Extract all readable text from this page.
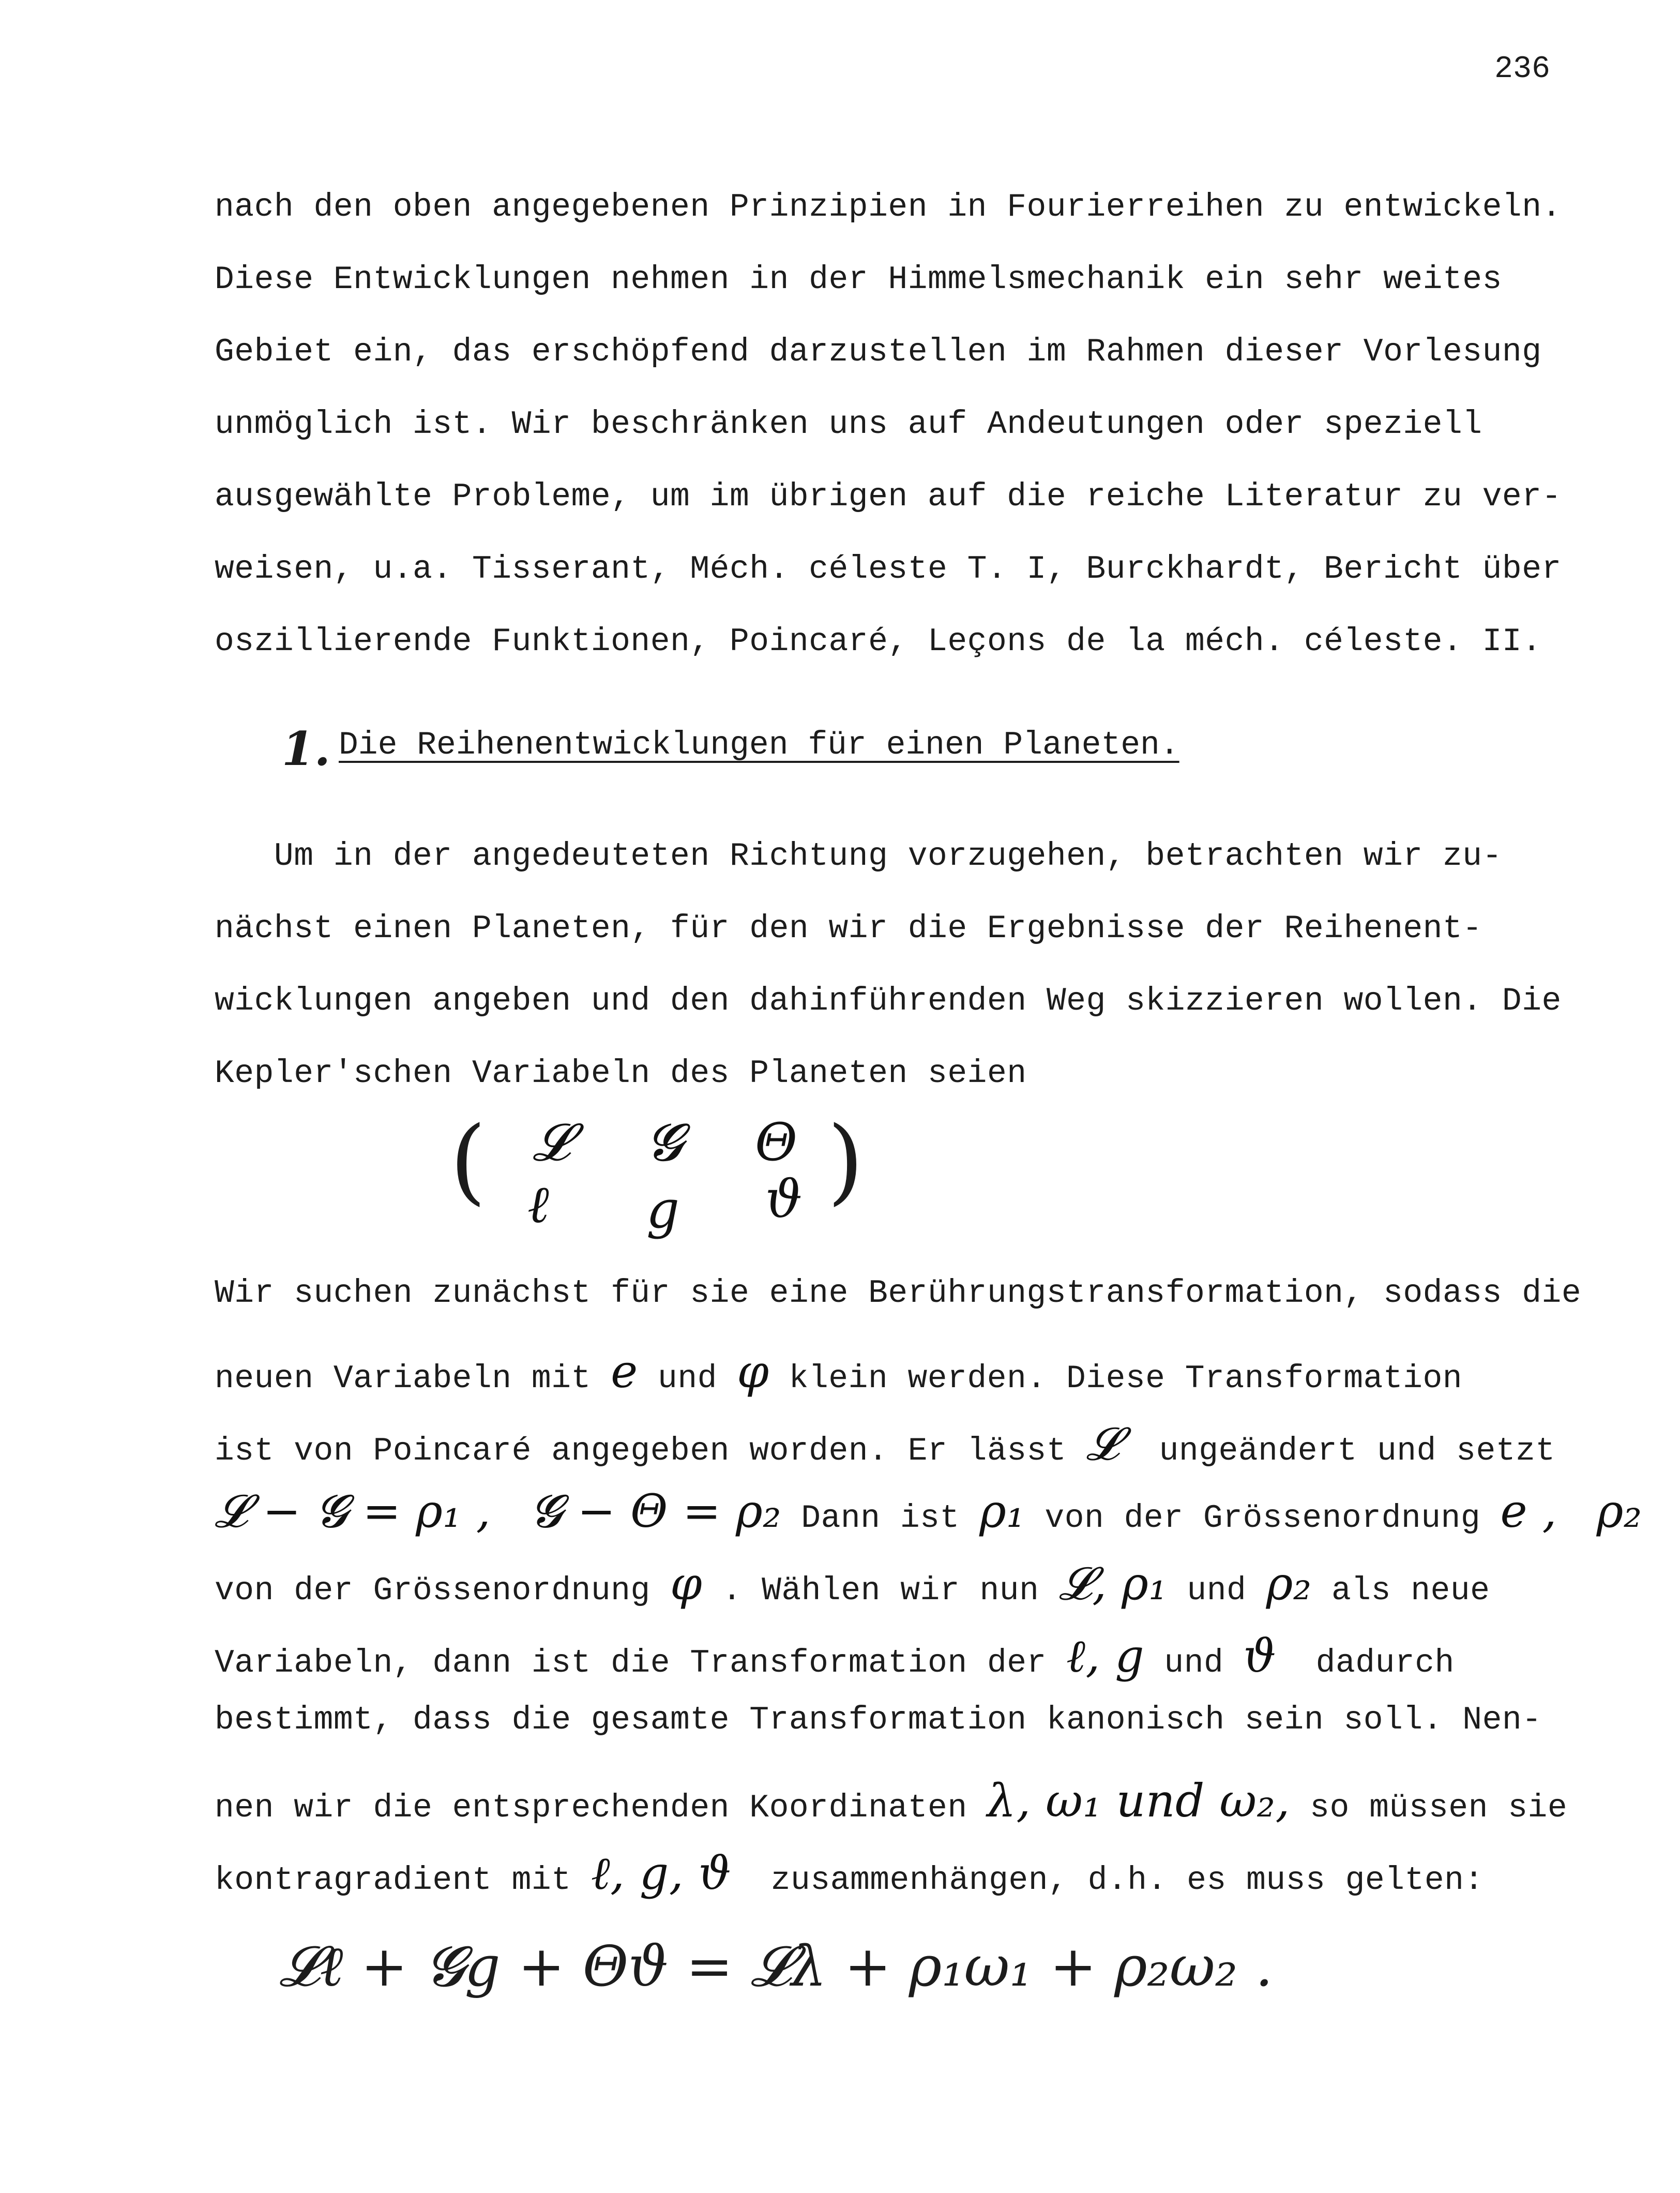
236
nach den oben angegebenen Prinzipien in Fourierreihen zu entwickeln.
Diese Entwicklungen nehmen in der Himmelsmechanik ein sehr weites
Gebiet ein, das erschöpfend darzustellen im Rahmen dieser Vorlesung
unmöglich ist. Wir beschränken uns auf Andeutungen oder speziell
ausgewählte Probleme, um im übrigen auf die reiche Literatur zu ver-
weisen, u.a. Tisserant, Méch. céleste T. I, Burckhardt, Bericht über
oszillierende Funktionen, Poincaré, Leçons de la méch. céleste. II.
1. Die Reihenentwicklungen für einen Planeten.
Um in der angedeuteten Richtung vorzugehen, betrachten wir zu-
nächst einen Planeten, für den wir die Ergebnisse der Reihenent-
wicklungen angeben und den dahinführenden Weg skizzieren wollen. Die
Kepler'schen Variabeln des Planeten seien
( 𝓛 𝓖 Θ
ℓ g ϑ )
Wir suchen zunächst für sie eine Berührungstransformation, sodass die
neuen Variabeln mit e und φ klein werden. Diese Transformation
ist von Poincaré angegeben worden. Er lässt 𝓛  ungeändert und setzt
𝓛 − 𝓖 = ρ₁ , 𝓖 − Θ = ρ₂ Dann ist ρ₁ von der Grössenordnung e , ρ₂
von der Grössenordnung φ . Wählen wir nun 𝓛, ρ₁ und ρ₂ als neue
Variabeln, dann ist die Transformation der ℓ, g und ϑ  dadurch
bestimmt, dass die gesamte Transformation kanonisch sein soll. Nen-
nen wir die entsprechenden Koordinaten λ, ω₁ und ω₂, so müssen sie
kontragradient mit ℓ, g, ϑ  zusammenhängen, d.h. es muss gelten:
𝓛ℓ + 𝓖g + Θϑ = 𝓛λ + ρ₁ω₁ + ρ₂ω₂ .
